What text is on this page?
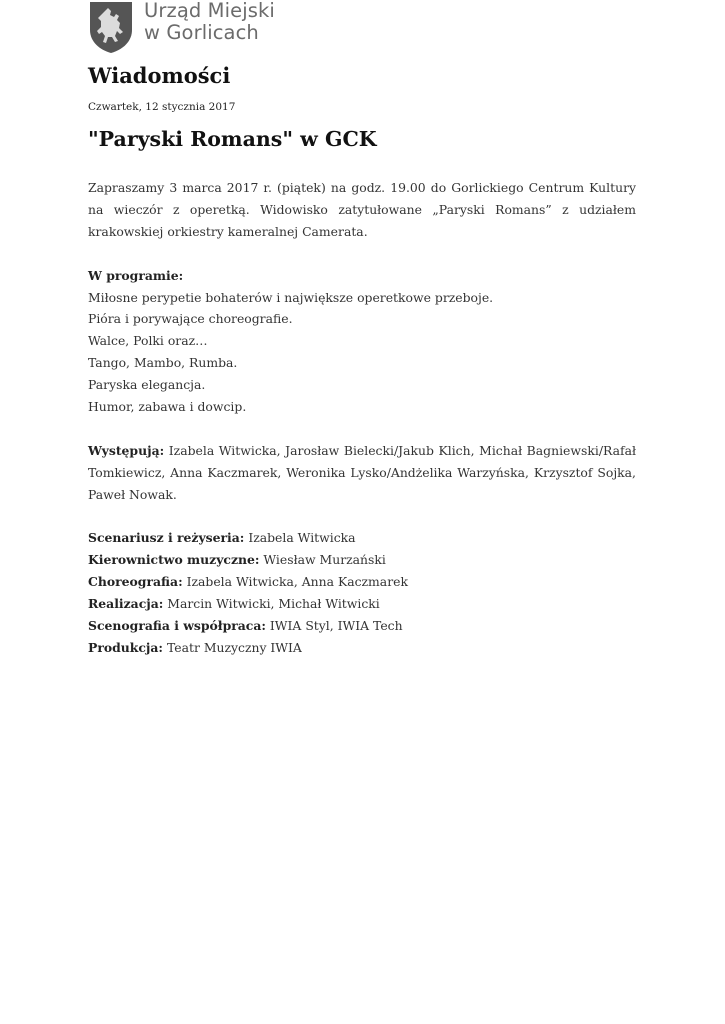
Urząd Miejski
w Gorlicach
Wiadomości
Czwartek, 12 stycznia 2017
"Paryski Romans" w GCK

Zapraszamy 3 marca 2017 r. (piątek) na godz. 19.00 do Gorlickiego Centrum Kultury na wieczór z operetką. Widowisko zatytułowane „Paryski Romans” z udziałem krakowskiej orkiestry kameralnej Camerata.

W programie:
Miłosne perypetie bohaterów i największe operetkowe przeboje.
Pióra i porywające choreografie.
Walce, Polki oraz…
Tango, Mambo, Rumba.
Paryska elegancja.
Humor, zabawa i dowcip.

Występują: Izabela Witwicka, Jarosław Bielecki/Jakub Klich, Michał Bagniewski/Rafał Tomkiewicz, Anna Kaczmarek, Weronika Lysko/Andżelika Warzyńska, Krzysztof Sojka, Paweł Nowak.

Scenariusz i reżyseria: Izabela Witwicka
Kierownictwo muzyczne: Wiesław Murzański
Choreografia: Izabela Witwicka, Anna Kaczmarek
Realizacja: Marcin Witwicki, Michał Witwicki
Scenografia i współpraca: IWIA Styl, IWIA Tech
Produkcja: Teatr Muzyczny IWIA
